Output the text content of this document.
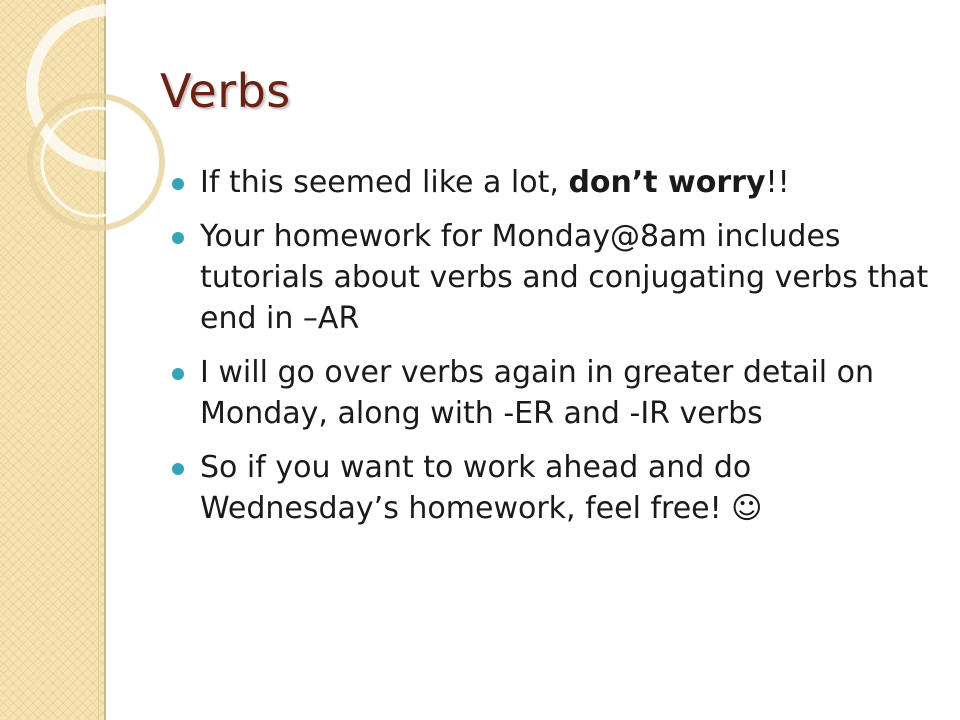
Verbs
If this seemed like a lot, don’t worry!!
Your homework for Monday@8am includes tutorials about verbs and conjugating verbs that end in –AR
I will go over verbs again in greater detail on Monday, along with -ER and -IR verbs
So if you want to work ahead and do Wednesday’s homework, feel free! ☺
